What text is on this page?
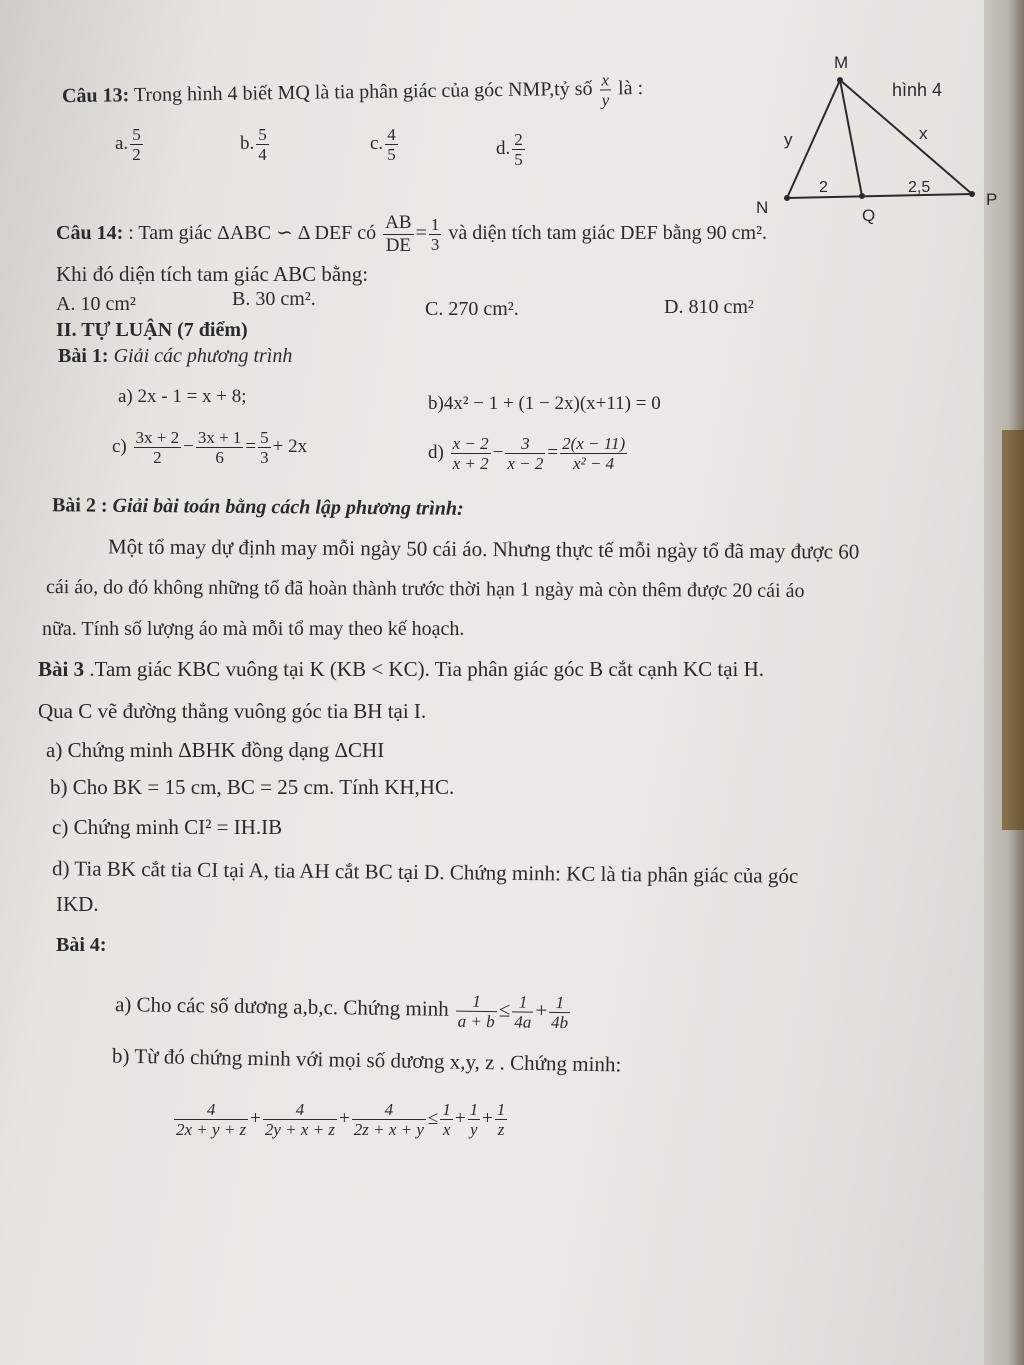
Câu 13: Trong hình 4 biết MQ là tia phân giác của góc NMP,tỷ số $\frac{x}{y}$ là :
a. $\frac{5}{2}$	b. $\frac{5}{4}$	c. $\frac{4}{5}$	d. $\frac{2}{5}$
M
N	P
Q
x
y
2	2,5
hình 4
Câu 14: : Tam giác ΔABC ∽ Δ DEF có $\frac{AB}{DE} = \frac{1}{3}$ và diện tích tam giác DEF bằng 90 cm².
Khi đó diện tích tam giác ABC bằng:
A. 10 cm²	B. 30 cm².	C. 270 cm².	D. 810 cm²
II. TỰ LUẬN (7 điểm)
Bài 1: Giải các phương trình
a) 2x - 1 = x + 8;	b)4x² − 1 + (1 − 2x)(x+11) = 0
$c) \frac{3x + 2}{2} - \frac{3x + 1}{6} = \frac{5}{3} + 2x$	$d) \frac{x - 2}{x + 2} - \frac{3}{x - 2} = \frac{2(x - 11)}{\text{x² − 4}}$
Bài 2 : Giải bài toán bằng cách lập phương trình:
Một tổ may dự định may mỗi ngày 50 cái áo. Nhưng thực tế mỗi ngày tổ đã may được 60
cái áo, do đó không những tổ đã hoàn thành trước thời hạn 1 ngày mà còn thêm được 20 cái áo
nữa. Tính số lượng áo mà mỗi tổ may theo kế hoạch.
Bài 3 .Tam giác KBC vuông tại K (KB < KC). Tia phân giác góc B cắt cạnh KC tại H.
Qua C vẽ đường thẳng vuông góc tia BH tại I.
a) Chứng minh ΔBHK đồng dạng ΔCHI
b) Cho BK = 15 cm, BC = 25 cm. Tính KH,HC.
c) Chứng minh CI² = IH.IB
d) Tia BK cắt tia CI tại A, tia AH cắt BC tại D. Chứng minh: KC là tia phân giác của góc
IKD.
Bài 4:
a) Cho các số dương a,b,c. Chứng minh $\frac{1}{a + b} \le \frac{1}{4a} + \frac{1}{4b}$
b) Từ đó chứng minh với mọi số dương x,y, z . Chứng minh:
$\frac{4}{2x + y + z} + \frac{4}{2y + x + z} + \frac{4}{2z + x + y} \le \frac{1}{x} + \frac{1}{y} + \frac{1}{z}$
